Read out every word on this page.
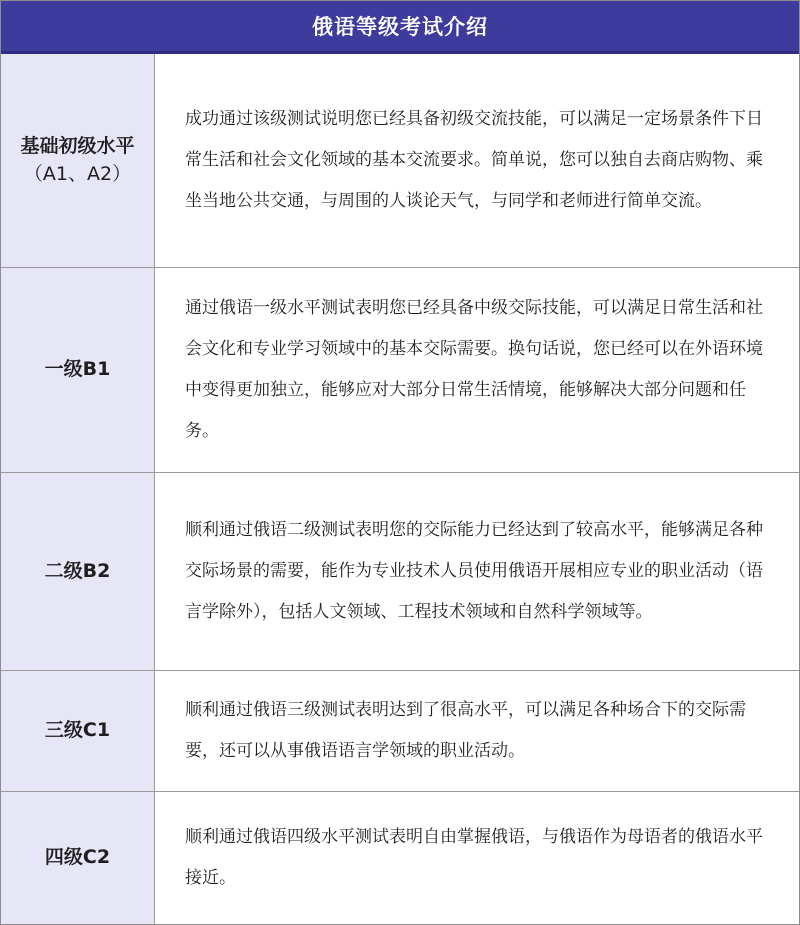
俄语等级考试介绍
基础初级水平
（A1、A2）

成功通过该级测试说明您已经具备初级交流技能，可以满足一定场景条件下日常生活和社会文化领域的基本交流要求。简单说，您可以独自去商店购物、乘坐当地公共交通，与周围的人谈论天气，与同学和老师进行简单交流。

一级B1

通过俄语一级水平测试表明您已经具备中级交际技能，可以满足日常生活和社会文化和专业学习领域中的基本交际需要。换句话说，您已经可以在外语环境中变得更加独立，能够应对大部分日常生活情境，能够解决大部分问题和任务。

二级B2

顺利通过俄语二级测试表明您的交际能力已经达到了较高水平，能够满足各种交际场景的需要，能作为专业技术人员使用俄语开展相应专业的职业活动（语言学除外），包括人文领域、工程技术领域和自然科学领域等。

三级C1

顺利通过俄语三级测试表明达到了很高水平，可以满足各种场合下的交际需要，还可以从事俄语语言学领域的职业活动。

四级C2

顺利通过俄语四级水平测试表明自由掌握俄语，与俄语作为母语者的俄语水平接近。
